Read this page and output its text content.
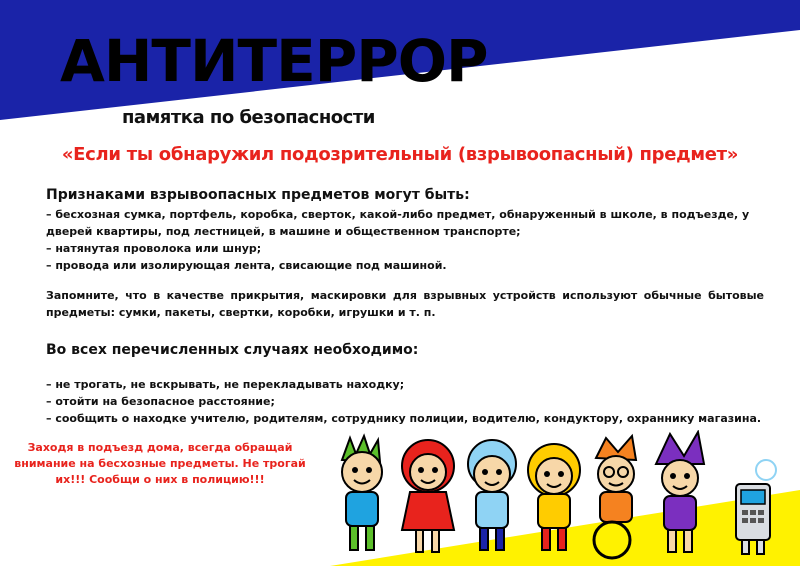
АНТИТЕРРОР
памятка по безопасности
«Если ты обнаружил подозрительный (взрывоопасный) предмет»
Признаками взрывоопасных предметов могут быть:
– бесхозная сумка, портфель, коробка, сверток, какой-либо предмет, обнаруженный в школе, в подъезде, у дверей квартиры, под лестницей, в машине и общественном транспорте;
– натянутая проволока или шнур;
– провода или изолирующая лента, свисающие под машиной.
Запомните, что в качестве прикрытия, маскировки для взрывных устройств используют обычные бытовые предметы: сумки, пакеты, свертки, коробки, игрушки и т. п.
Во всех перечисленных случаях необходимо:
– не трогать, не вскрывать, не перекладывать находку;
– отойти на безопасное расстояние;
– сообщить о находке учителю, родителям, сотруднику полиции, водителю, кондуктору, охраннику магазина.
Заходя в подъезд дома, всегда обращай внимание на бесхозные предметы. Не трогай их!!! Сообщи о них в полицию!!!
